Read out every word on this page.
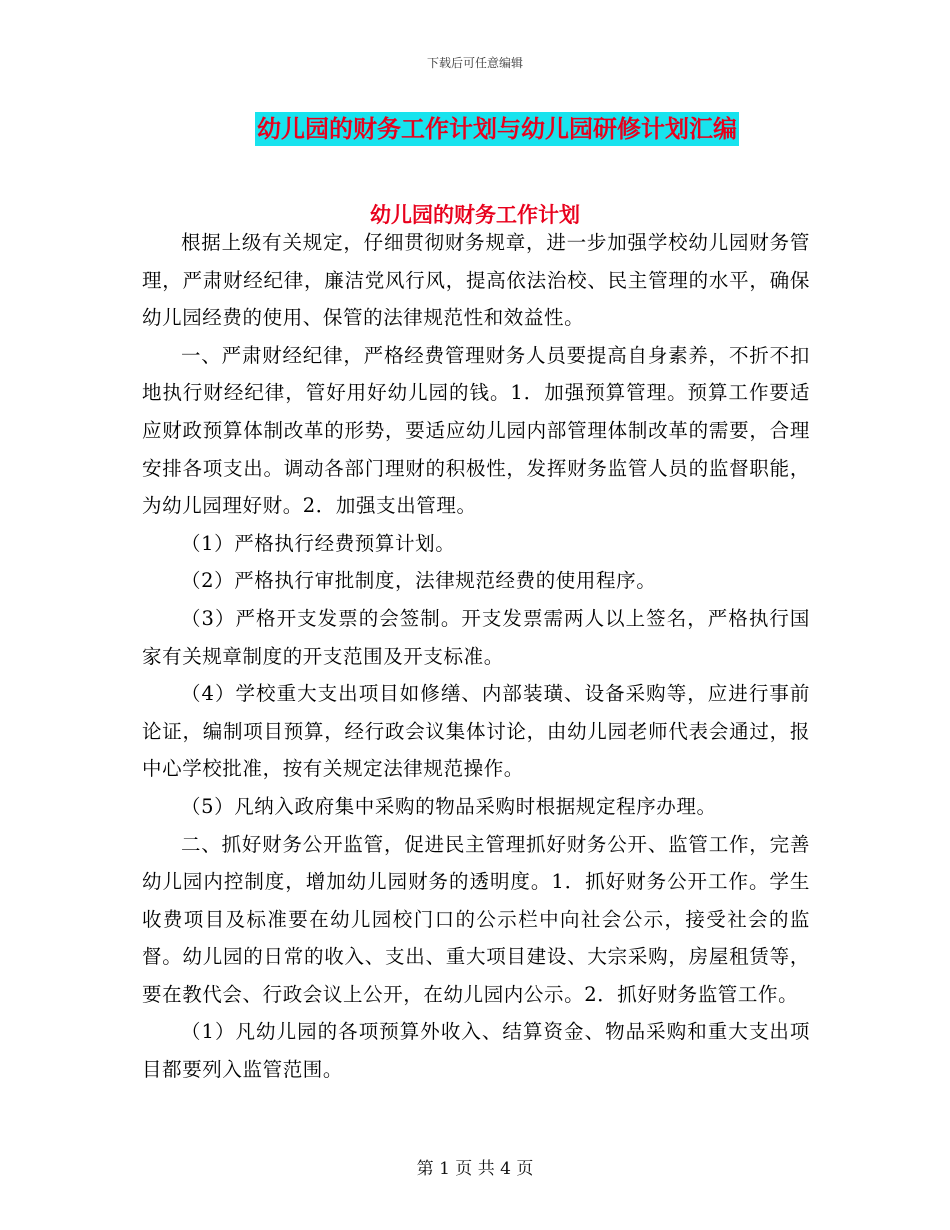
下载后可任意编辑
幼儿园的财务工作计划与幼儿园研修计划汇编
幼儿园的财务工作计划

根据上级有关规定，仔细贯彻财务规章，进一步加强学校幼儿园财务管理，严肃财经纪律，廉洁党风行风，提高依法治校、民主管理的水平，确保幼儿园经费的使用、保管的法律规范性和效益性。

一、严肃财经纪律，严格经费管理财务人员要提高自身素养，不折不扣地执行财经纪律，管好用好幼儿园的钱。1．加强预算管理。预算工作要适应财政预算体制改革的形势，要适应幼儿园内部管理体制改革的需要，合理安排各项支出。调动各部门理财的积极性，发挥财务监管人员的监督职能，为幼儿园理好财。2．加强支出管理。

（1）严格执行经费预算计划。

（2）严格执行审批制度，法律规范经费的使用程序。

（3）严格开支发票的会签制。开支发票需两人以上签名，严格执行国家有关规章制度的开支范围及开支标准。

（4）学校重大支出项目如修缮、内部装璜、设备采购等，应进行事前论证，编制项目预算，经行政会议集体讨论，由幼儿园老师代表会通过，报中心学校批准，按有关规定法律规范操作。

（5）凡纳入政府集中采购的物品采购时根据规定程序办理。

二、抓好财务公开监管，促进民主管理抓好财务公开、监管工作，完善幼儿园内控制度，增加幼儿园财务的透明度。1．抓好财务公开工作。学生收费项目及标准要在幼儿园校门口的公示栏中向社会公示，接受社会的监督。幼儿园的日常的收入、支出、重大项目建设、大宗采购，房屋租赁等，要在教代会、行政会议上公开，在幼儿园内公示。2．抓好财务监管工作。

（1）凡幼儿园的各项预算外收入、结算资金、物品采购和重大支出项目都要列入监管范围。

第 1 页 共 4 页
